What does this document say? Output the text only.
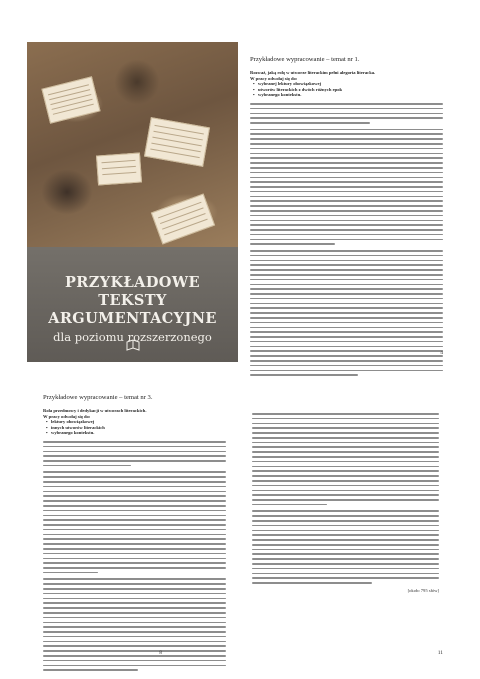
PRZYKŁADOWE
TEKSTY ARGUMENTACYJNE
dla poziomu rozszerzonego
Przykładowe wypracowanie – temat nr 1.
Rozważ, jaką rolę w utworze literackim pełni alegoria literacka.
W pracy odwołaj się do:
• wybranej lektury obowiązkowej
• utworów literackich z dwóch różnych epok
• wybranego kontekstu.
4
Przykładowe wypracowanie – temat nr 3.
Rola przedmowy i dedykacji w utworach literackich.
W pracy odwołaj się do:
• lektury obowiązkowej
• innych utworów literackich
• wybranego kontekstu.
8
[około 795 słów]
11
